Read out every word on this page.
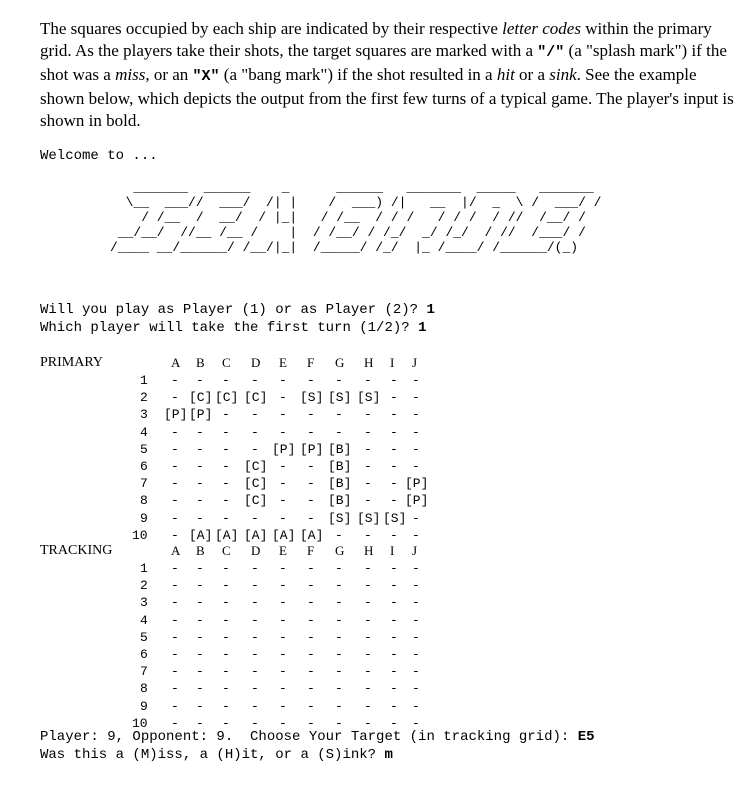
The squares occupied by each ship are indicated by their respective letter codes within the primary grid. As the players take their shots, the target squares are marked with a "/" (a "splash mark") if the shot was a miss, or an "X" (a "bang mark") if the shot resulted in a hit or a sink. See the example shown below, which depicts the output from the first few turns of a typical game. The player's input is shown in bold.
Welcome to ...
_______  ______    _      ______   _______  _____   _______
\__  ___//  ___/  /| |    /  ___) /|   __  |/  _  \ /  ___/ /
/ /__  /  __/  / |_|   / /__  / / /   / / /  / //  /__/ /
__/__/  //__ /__ /    |  / /__/ / /_/  _/ /_/  / //  /___/ /
/____ __/______/ /__/|_|  /_____/ /_/  |_ /____/ /______/(_)
Will you play as Player (1) or as Player (2)? 1
Which player will take the first turn (1/2)? 1
PRIMARY	A B C D E F G H I J
1 - - - - - - - - - -
2 - [C] [C] [C] - [S] [S] [S] - -
3 [P] [P] - - - - - - - -
4 - - - - - - - - - -
5 - - - - [P] [P] [B] - - -
6 - - - [C] - - [B] - - -
7 - - - [C] - - [B] - - [P]
8 - - - [C] - - [B] - - [P]
9 - - - - - - [S] [S] [S] -
10 - [A] [A] [A] [A] [A] - - - -
TRACKING	A B C D E F G H I J
1 - - - - - - - - - -
2 - - - - - - - - - -
3 - - - - - - - - - -
4 - - - - - - - - - -
5 - - - - - - - - - -
6 - - - - - - - - - -
7 - - - - - - - - - -
8 - - - - - - - - - -
9 - - - - - - - - - -
10 - - - - - - - - - -
Player: 9, Opponent: 9.  Choose Your Target (in tracking grid): E5
Was this a (M)iss, a (H)it, or a (S)ink? m
